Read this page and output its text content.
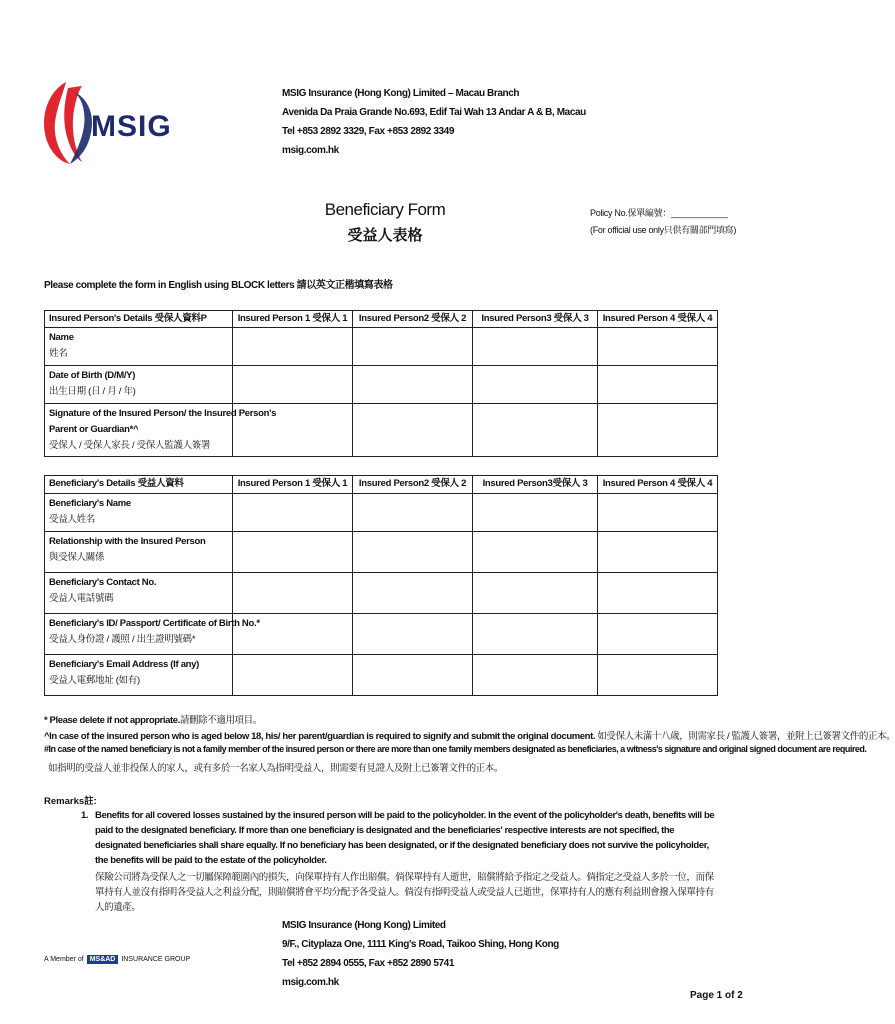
MSIG
MSIG Insurance (Hong Kong) Limited – Macau Branch
Avenida Da Praia Grande No.693, Edif Tai Wah 13 Andar A & B, Macau
Tel +853 2892 3329, Fax +853 2892 3349
msig.com.hk
Beneficiary Form
受益人表格
Policy No.保單編號：____________
(For official use only只供有關部門填寫)
Please complete the form in English using BLOCK letters 請以英文正楷填寫表格
Insured Person's Details 受保人資料P	Insured Person 1 受保人 1	Insured Person2 受保人 2	Insured Person3 受保人 3	Insured Person 4 受保人 4

Name
姓名				

Date of Birth (D/M/Y)
出生日期 (日 / 月 / 年)				

Signature of the Insured Person/ the Insured Person's
Parent or Guardian*^
受保人 / 受保人家長 / 受保人監護人簽署				

Beneficiary's Details 受益人資料	Insured Person 1 受保人 1	Insured Person2 受保人 2	Insured Person3受保人 3	Insured Person 4 受保人 4

Beneficiary's Name
受益人姓名				

Relationship with the Insured Person
與受保人關係				

Beneficiary's Contact No.
受益人電話號碼				

Beneficiary's ID/ Passport/ Certificate of Birth No.*
受益人身份證 / 護照 / 出生證明號碼*				

Beneficiary's Email Address (If any)
受益人電郵地址 (如有)				

* Please delete if not appropriate.請刪除不適用項目。
^In case of the insured person who is aged below 18, his/ her parent/guardian is required to signify and submit the original document. 如受保人未滿十八歲，則需家長 / 監護人簽署，並附上已簽署文件的正本。
#In case of the named beneficiary is not a family member of the insured person or there are more than one family members designated as beneficiaries, a witness's signature and original signed document are required.
如指明的受益人並非投保人的家人，或有多於一名家人為指明受益人，則需要有見證人及附上已簽署文件的正本。
Remarks註:
1. Benefits for all covered losses sustained by the insured person will be paid to the policyholder. In the event of the policyholder's death, benefits will be paid to the designated beneficiary. If more than one beneficiary is designated and the beneficiaries' respective interests are not specified, the designated beneficiaries shall share equally. If no beneficiary has been designated, or if the designated beneficiary does not survive the policyholder, the benefits will be paid to the estate of the policyholder.
保險公司將為受保人之一切屬保障範圍內的損失，向保單持有人作出賠償。倘保單持有人逝世，賠償將給予指定之受益人。倘指定之受益人多於一位，而保單持有人並沒有指明各受益人之利益分配，則賠償將會平均分配予各受益人。倘沒有指明受益人或受益人已逝世，保單持有人的應有利益則會撥入保單持有人的遺產。
MSIG Insurance (Hong Kong) Limited
9/F., Cityplaza One, 1111 King's Road, Taikoo Shing, Hong Kong
Tel +852 2894 0555, Fax +852 2890 5741
msig.com.hk
A Member of MS&AD INSURANCE GROUP
Page 1 of 2
